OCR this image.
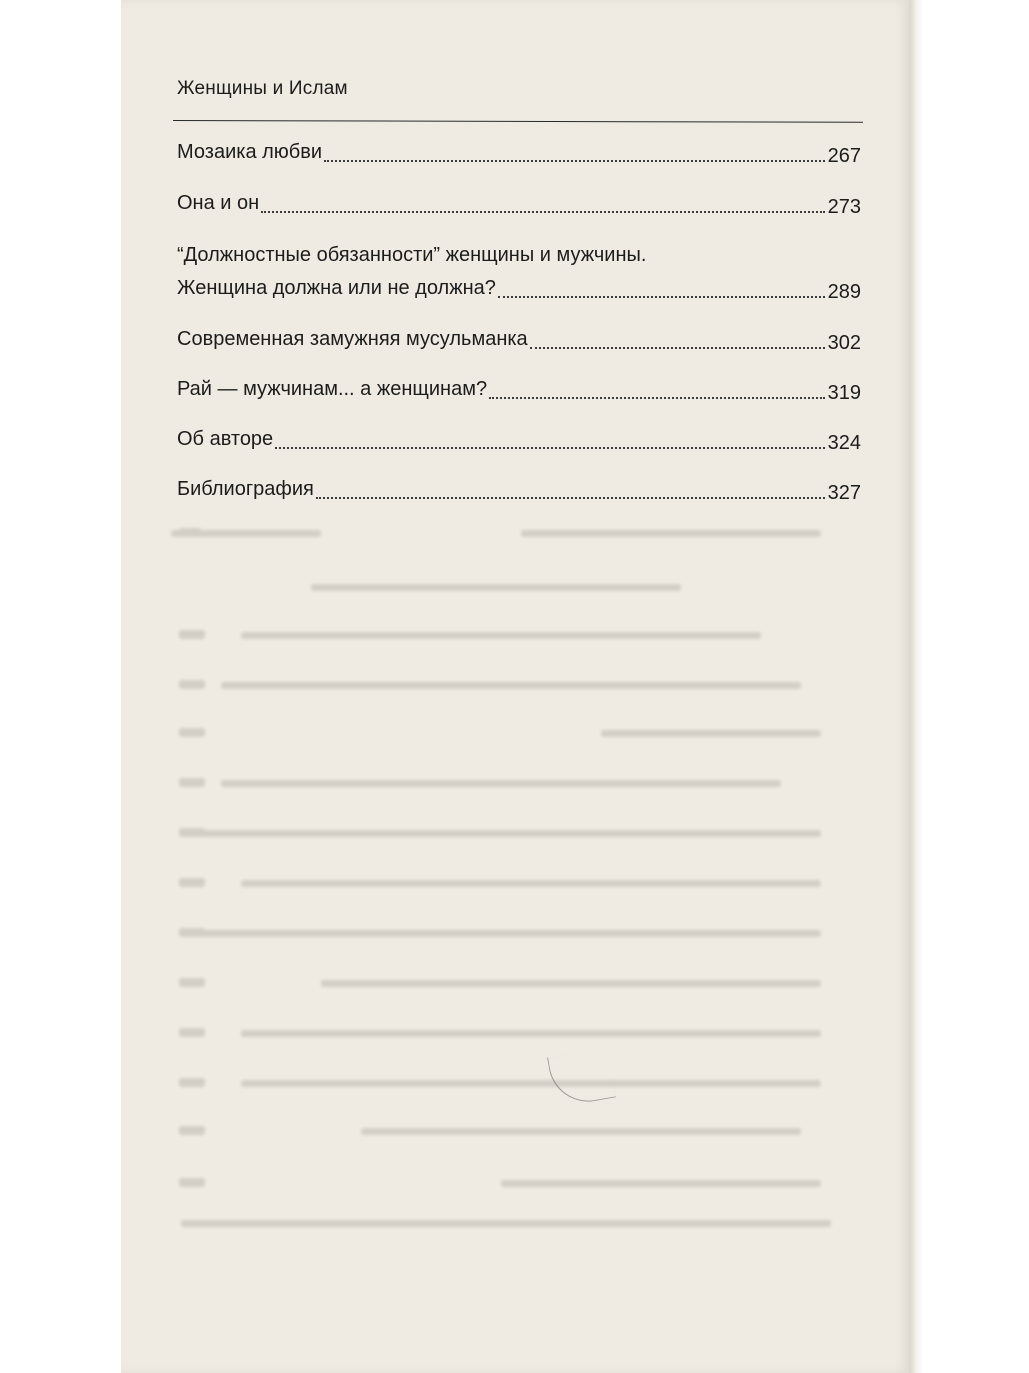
Женщины и Ислам
Мозаика любви	267
Она и он	273
“Должностные обязанности” женщины и мужчины.
Женщина должна или не должна?	289
Современная замужняя мусульманка	302
Рай — мужчинам... а женщинам?	319
Об авторе	324
Библиография	327
